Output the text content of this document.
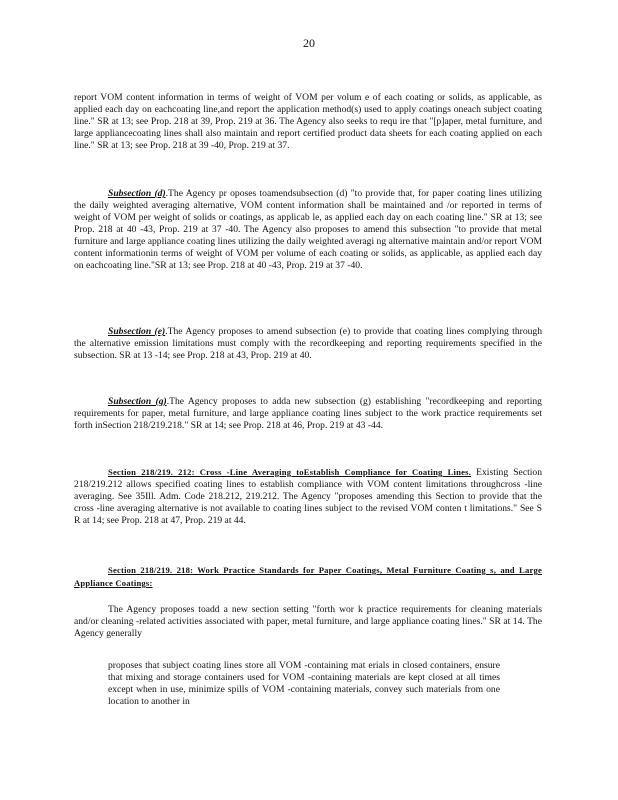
20

report VOM content information in terms of weight of VOM per volum e of each coating or solids, as applicable, as applied each day on eachcoating line,and report the application method(s) used to apply coatings oneach subject coating line." SR at 13; see Prop. 218 at 39, Prop. 219 at 36. The Agency also seeks to requ ire that "[p]aper, metal furniture, and large appliancecoating lines shall also maintain and report certified product data sheets for each coating applied on each line." SR at 13; see Prop. 218 at 39 -40, Prop. 219 at 37.

Subsection (d).The Agency pr oposes toamendsubsection (d) "to provide that, for paper coating lines utilizing the daily weighted averaging alternative, VOM content information shall be maintained and /or reported in terms of weight of VOM per weight of solids or coatings, as applicab le, as applied each day on each coating line." SR at 13; see Prop. 218 at 40 -43, Prop. 219 at 37 -40. The Agency also proposes to amend this subsection "to provide that metal furniture and large appliance coating lines utilizing the daily weighted averagi ng alternative maintain and/or report VOM content informationin terms of weight of VOM per volume of each coating or solids, as applicable, as applied each day on eachcoating line."SR at 13; see Prop. 218 at 40 -43, Prop. 219 at 37 -40.

Subsection (e).The Agency proposes to amend subsection (e) to provide that coating lines complying through the alternative emission limitations must comply with the recordkeeping and reporting requirements specified in the subsection. SR at 13 -14; see Prop. 218 at 43, Prop. 219 at 40.

Subsection (g).The Agency proposes to adda new subsection (g) establishing "recordkeeping and reporting requirements for paper, metal furniture, and large appliance coating lines subject to the work practice requirements set forth inSection 218/219.218." SR at 14; see Prop. 218 at 46, Prop. 219 at 43 -44.

Section 218/219. 212: Cross -Line Averaging toEstablish Compliance for Coating Lines. Existing Section 218/219.212 allows specified coating lines to establish compliance with VOM content limitations throughcross -line averaging. See 35Ill. Adm. Code 218.212, 219.212. The Agency "proposes amending this Section to provide that the cross -line averaging alternative is not available to coating lines subject to the revised VOM conten t limitations." See S R at 14; see Prop. 218 at 47, Prop. 219 at 44.

Section 218/219. 218: Work Practice Standards for Paper Coatings, Metal Furniture Coating s, and Large Appliance Coatings:

The Agency proposes toadd a new section setting "forth wor k practice requirements for cleaning materials and/or cleaning -related activities associated with paper, metal furniture, and large appliance coating lines." SR at 14. The Agency generally

proposes that subject coating lines store all VOM -containing mat erials in closed containers, ensure that mixing and storage containers used for VOM -containing materials are kept closed at all times except when in use, minimize spills of VOM -containing materials, convey such materials from one location to another in
